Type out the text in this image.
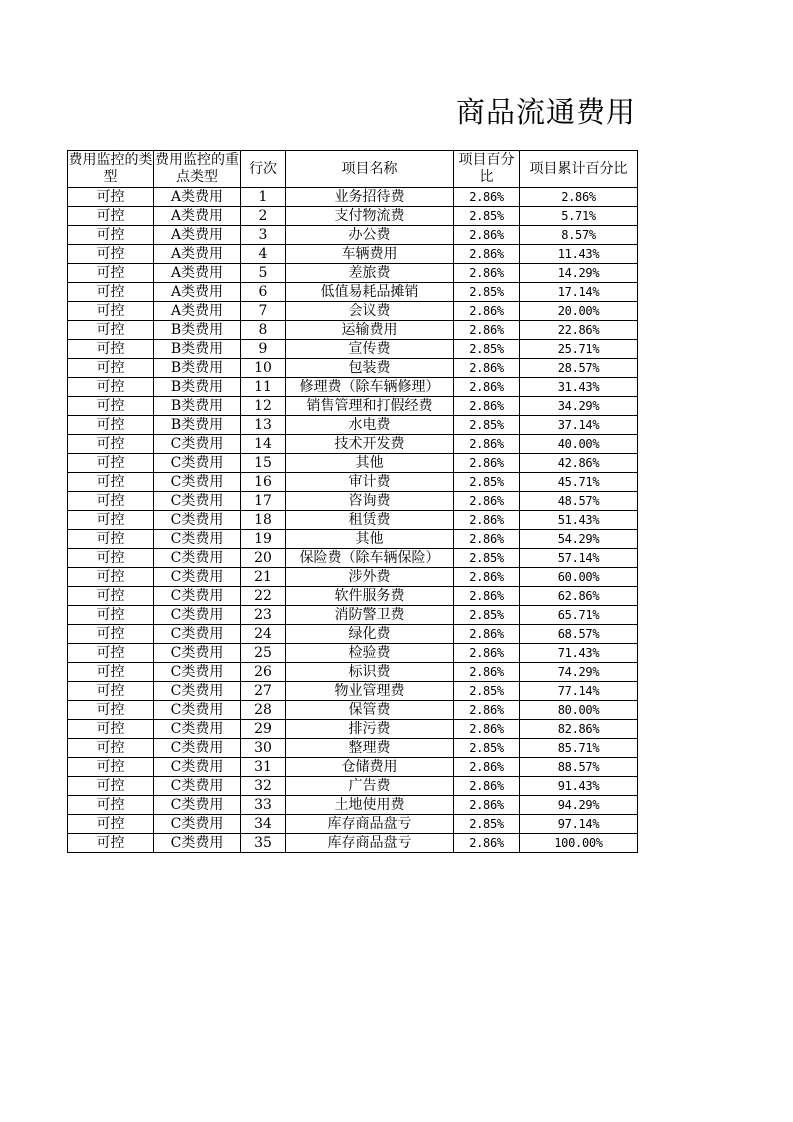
商品流通费用
费用监控的类型	费用监控的重点类型	行次	项目名称	项目百分比	项目累计百分比
可控	A类费用	1	业务招待费	2.86%	2.86%
可控	A类费用	2	支付物流费	2.85%	5.71%
可控	A类费用	3	办公费	2.86%	8.57%
可控	A类费用	4	车辆费用	2.86%	11.43%
可控	A类费用	5	差旅费	2.86%	14.29%
可控	A类费用	6	低值易耗品摊销	2.85%	17.14%
可控	A类费用	7	会议费	2.86%	20.00%
可控	B类费用	8	运输费用	2.86%	22.86%
可控	B类费用	9	宣传费	2.85%	25.71%
可控	B类费用	10	包装费	2.86%	28.57%
可控	B类费用	11	修理费（除车辆修理）	2.86%	31.43%
可控	B类费用	12	销售管理和打假经费	2.86%	34.29%
可控	B类费用	13	水电费	2.85%	37.14%
可控	C类费用	14	技术开发费	2.86%	40.00%
可控	C类费用	15	其他	2.86%	42.86%
可控	C类费用	16	审计费	2.85%	45.71%
可控	C类费用	17	咨询费	2.86%	48.57%
可控	C类费用	18	租赁费	2.86%	51.43%
可控	C类费用	19	其他	2.86%	54.29%
可控	C类费用	20	保险费（除车辆保险）	2.85%	57.14%
可控	C类费用	21	涉外费	2.86%	60.00%
可控	C类费用	22	软件服务费	2.86%	62.86%
可控	C类费用	23	消防警卫费	2.85%	65.71%
可控	C类费用	24	绿化费	2.86%	68.57%
可控	C类费用	25	检验费	2.86%	71.43%
可控	C类费用	26	标识费	2.86%	74.29%
可控	C类费用	27	物业管理费	2.85%	77.14%
可控	C类费用	28	保管费	2.86%	80.00%
可控	C类费用	29	排污费	2.86%	82.86%
可控	C类费用	30	整理费	2.85%	85.71%
可控	C类费用	31	仓储费用	2.86%	88.57%
可控	C类费用	32	广告费	2.86%	91.43%
可控	C类费用	33	土地使用费	2.86%	94.29%
可控	C类费用	34	库存商品盘亏	2.85%	97.14%
可控	C类费用	35	库存商品盘亏	2.86%	100.00%
